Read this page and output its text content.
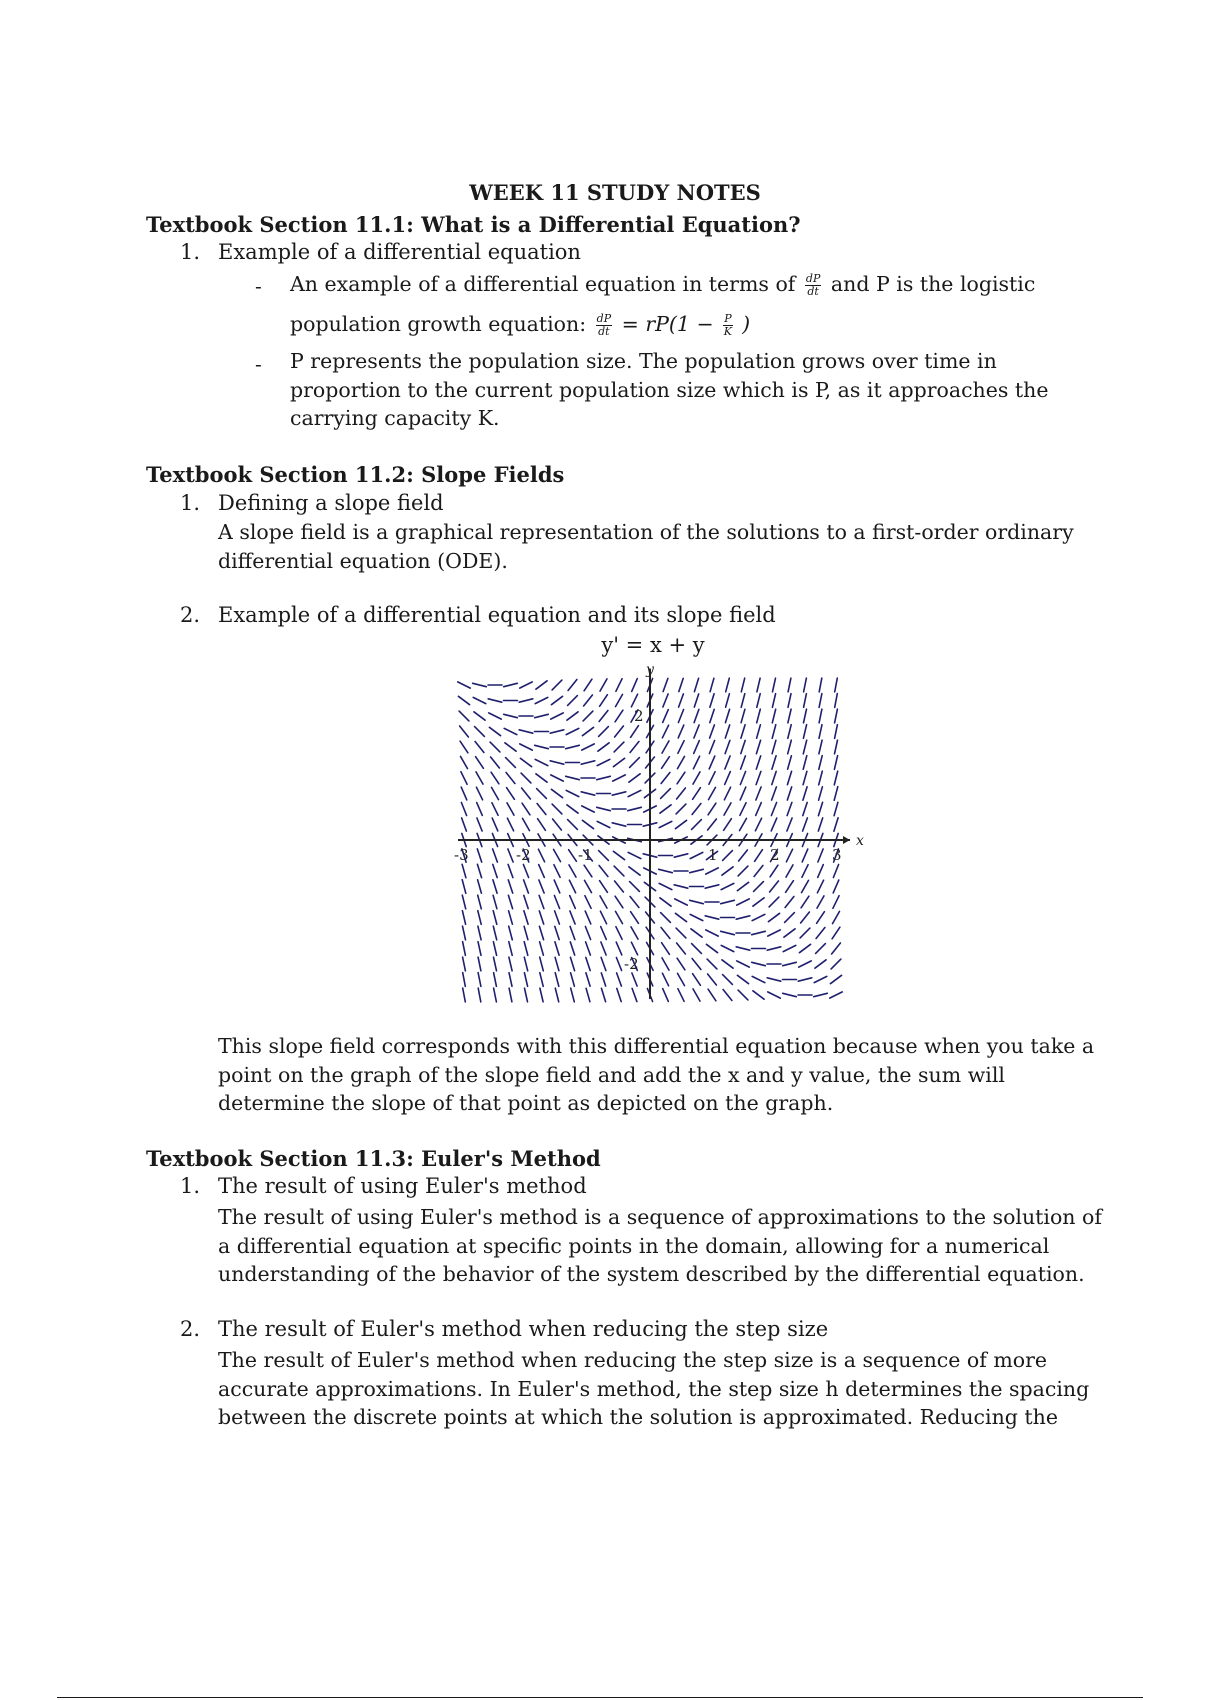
WEEK 11 STUDY NOTES
Textbook Section 11.1: What is a Differential Equation?
1. Example of a differential equation
- An example of a differential equation in terms of $\frac{dP}{dt}$ and P is the logistic
population growth equation: $\frac{dP}{dt} = rP(1 - \frac{P}{K}$ )
- P represents the population size. The population grows over time in proportion to the current population size which is P, as it approaches the carrying capacity K.
Textbook Section 11.2: Slope Fields
1. Defining a slope field
A slope field is a graphical representation of the solutions to a first-order ordinary differential equation (ODE).
2. Example of a differential equation and its slope field
y' = x + y
x
y
-3	-2	-1	1	2	3
2
-2
This slope field corresponds with this differential equation because when you take a point on the graph of the slope field and add the x and y value, the sum will determine the slope of that point as depicted on the graph.
Textbook Section 11.3: Euler's Method
1. The result of using Euler's method
The result of using Euler's method is a sequence of approximations to the solution of a differential equation at specific points in the domain, allowing for a numerical understanding of the behavior of the system described by the differential equation.
2. The result of Euler's method when reducing the step size
The result of Euler's method when reducing the step size is a sequence of more accurate approximations. In Euler's method, the step size h determines the spacing between the discrete points at which the solution is approximated. Reducing the
